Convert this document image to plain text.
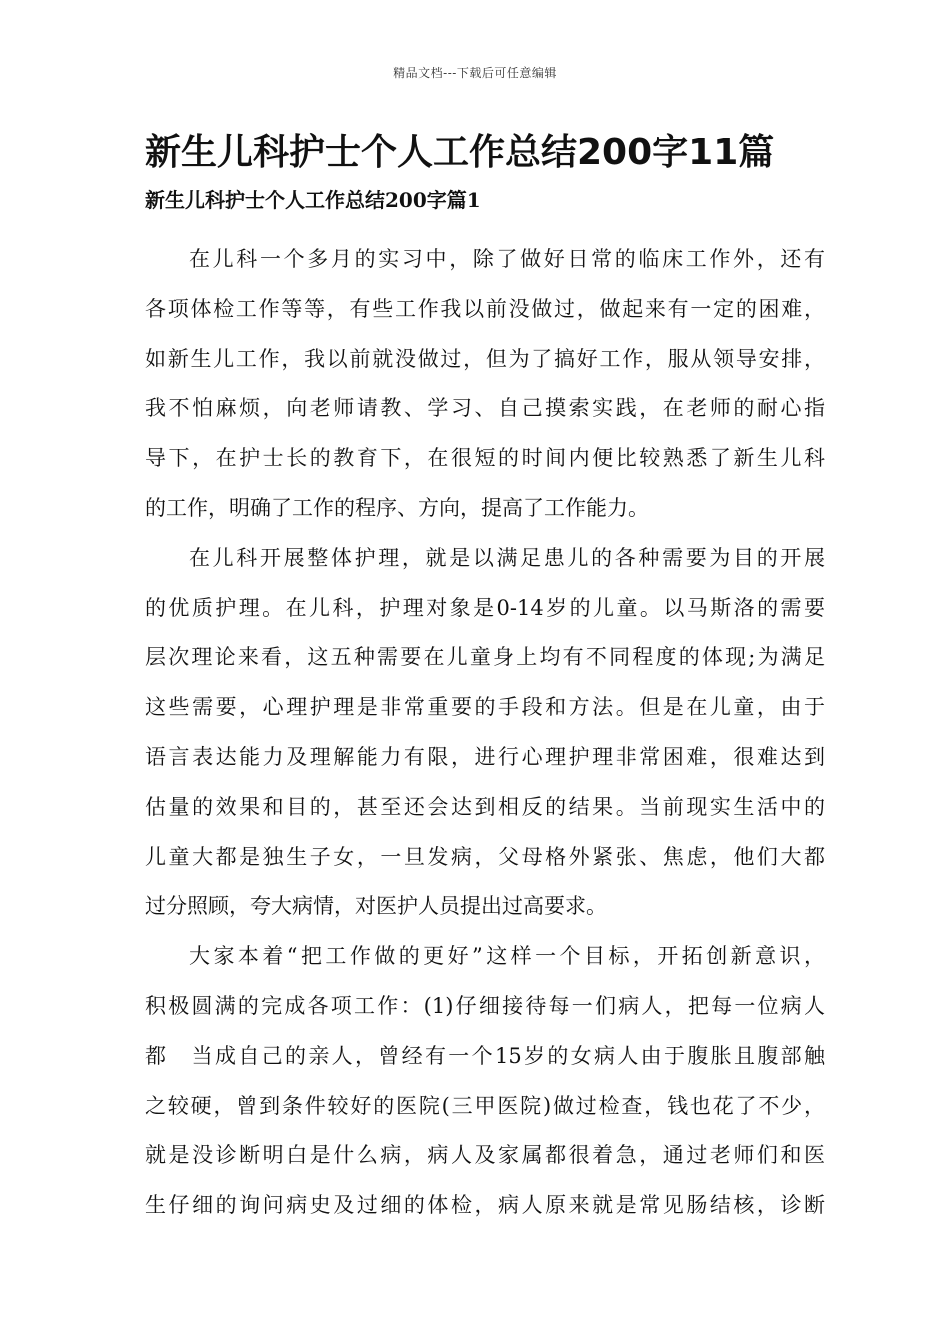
精品文档---下载后可任意编辑
新生儿科护士个人工作总结200字11篇
新生儿科护士个人工作总结200字篇1

在儿科一个多月的实习中，除了做好日常的临床工作外，还有
各项体检工作等等，有些工作我以前没做过，做起来有一定的困难，
如新生儿工作，我以前就没做过，但为了搞好工作，服从领导安排，
我不怕麻烦，向老师请教、学习、自己摸索实践，在老师的耐心指
导下，在护士长的教育下，在很短的时间内便比较熟悉了新生儿科
的工作，明确了工作的程序、方向，提高了工作能力。

在儿科开展整体护理，就是以满足患儿的各种需要为目的开展
的优质护理。在儿科，护理对象是0-14岁的儿童。以马斯洛的需要
层次理论来看，这五种需要在儿童身上均有不同程度的体现;为满足
这些需要，心理护理是非常重要的手段和方法。但是在儿童，由于
语言表达能力及理解能力有限，进行心理护理非常困难，很难达到
估量的效果和目的，甚至还会达到相反的结果。当前现实生活中的
儿童大都是独生子女，一旦发病，父母格外紧张、焦虑，他们大都
过分照顾，夸大病情，对医护人员提出过高要求。

大家本着“把工作做的更好”这样一个目标，开拓创新意识，
积极圆满的完成各项工作：(1)仔细接待每一们病人，把每一位病人
都　当成自己的亲人，曾经有一个15岁的女病人由于腹胀且腹部触
之较硬，曾到条件较好的医院(三甲医院)做过检查，钱也花了不少，
就是没诊断明白是什么病，病人及家属都很着急，通过老师们和医
生仔细的询问病史及过细的体检，病人原来就是常见肠结核，诊断
